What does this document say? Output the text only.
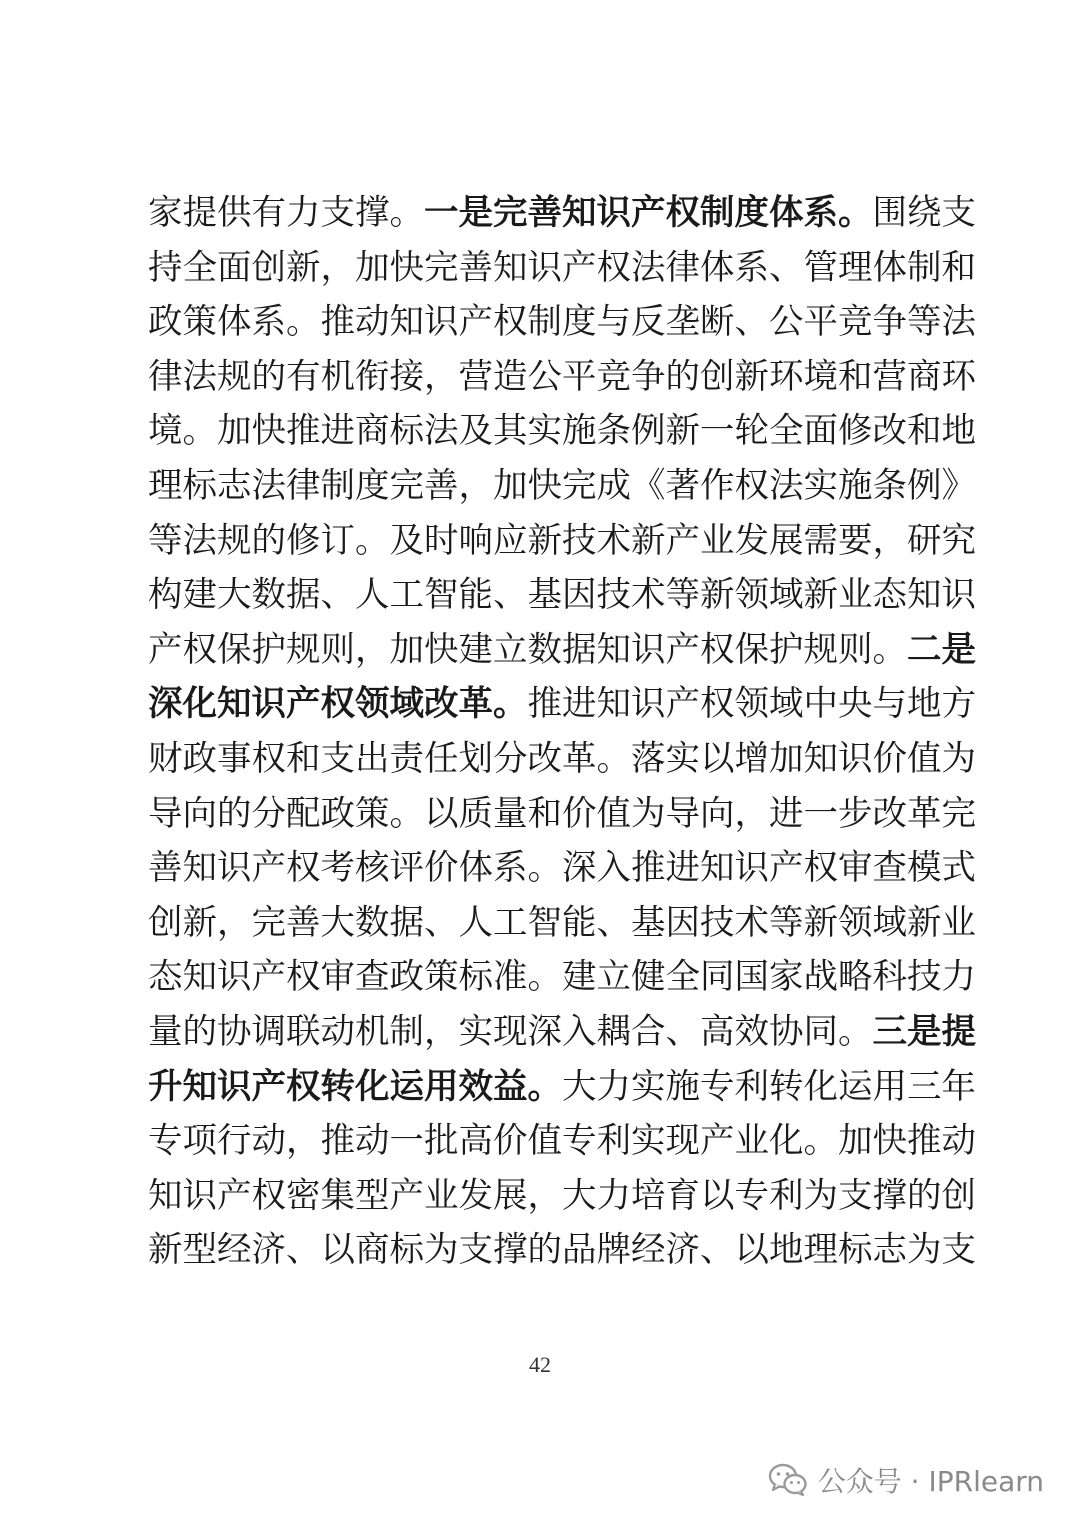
家提供有力支撑。一是完善知识产权制度体系。围绕支
持全面创新，加快完善知识产权法律体系、管理体制和
政策体系。推动知识产权制度与反垄断、公平竞争等法
律法规的有机衔接，营造公平竞争的创新环境和营商环
境。加快推进商标法及其实施条例新一轮全面修改和地
理标志法律制度完善，加快完成《著作权法实施条例》
等法规的修订。及时响应新技术新产业发展需要，研究
构建大数据、人工智能、基因技术等新领域新业态知识
产权保护规则，加快建立数据知识产权保护规则。二是
深化知识产权领域改革。推进知识产权领域中央与地方
财政事权和支出责任划分改革。落实以增加知识价值为
导向的分配政策。以质量和价值为导向，进一步改革完
善知识产权考核评价体系。深入推进知识产权审查模式
创新，完善大数据、人工智能、基因技术等新领域新业
态知识产权审查政策标准。建立健全同国家战略科技力
量的协调联动机制，实现深入耦合、高效协同。三是提
升知识产权转化运用效益。大力实施专利转化运用三年
专项行动，推动一批高价值专利实现产业化。加快推动
知识产权密集型产业发展，大力培育以专利为支撑的创
新型经济、以商标为支撑的品牌经济、以地理标志为支
42
公众号 · IPRlearn
